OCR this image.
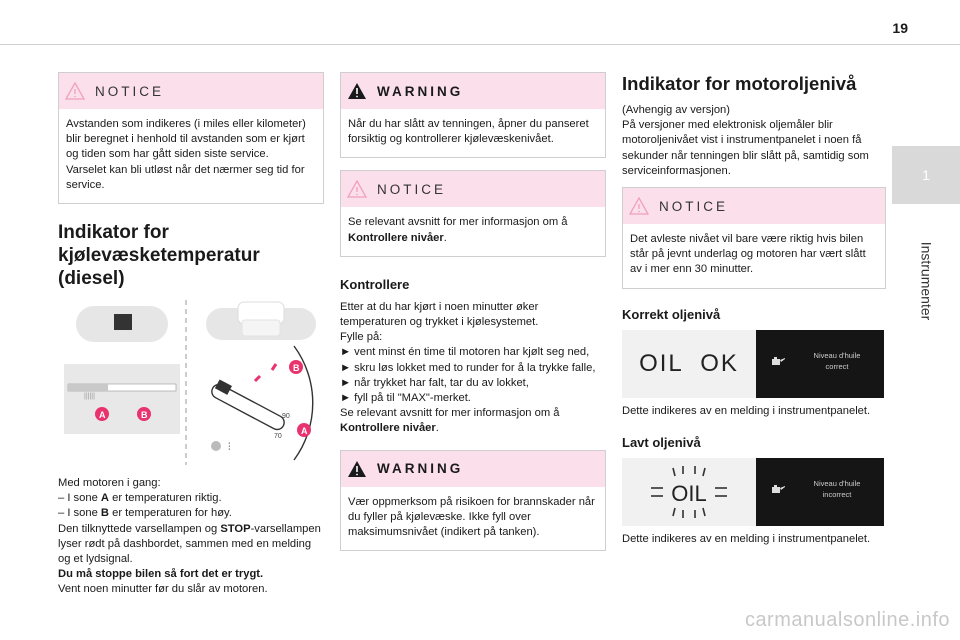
19
1
Instrumenter
NOTICE
Avstanden som indikeres (i miles eller kilometer) blir beregnet i henhold til avstanden som er kjørt og tiden som har gått siden siste service.
Varselet kan bli utløst når det nærmer seg tid for service.
Indikator for
kjølevæsketemperatur
(diesel)
||||||
A	B	90
70
⫶
B
A
Med motoren i gang:
– I sone A er temperaturen riktig.
– I sone B er temperaturen for høy.
Den tilknyttede varsellampen og STOP-varsellampen lyser rødt på dashbordet, sammen med en melding og et lydsignal.
Du må stoppe bilen så fort det er trygt.
Vent noen minutter før du slår av motoren.
WARNING
Når du har slått av tenningen, åpner du panseret forsiktig og kontrollerer kjølevæskenivået.
NOTICE
Se relevant avsnitt for mer informasjon om å Kontrollere nivåer.
Kontrollere
Etter at du har kjørt i noen minutter øker temperaturen og trykket i kjølesystemet.
Fylle på:
► vent minst én time til motoren har kjølt seg ned,
► skru løs lokket med to runder for å la trykke falle,
► når trykket har falt, tar du av lokket,
► fyll på til "MAX"-merket.
Se relevant avsnitt for mer informasjon om å Kontrollere nivåer.
WARNING
Vær oppmerksom på risikoen for brannskader når du fyller på kjølevæske. Ikke fyll over maksimumsnivået (indikert på tanken).
Indikator for motoroljenivå
(Avhengig av versjon)
På versjoner med elektronisk oljemåler blir motoroljenivået vist i instrumentpanelet i noen få sekunder når tenningen blir slått på, samtidig som serviceinformasjonen.
NOTICE
Det avleste nivået vil bare være riktig hvis bilen står på jevnt underlag og motoren har vært slått av i mer enn 30 minutter.
Korrekt oljenivå
OIL  OK	Niveau d'huile
correct
Dette indikeres av en melding i instrumentpanelet.
Lavt oljenivå
OIL	Niveau d'huile
incorrect
Dette indikeres av en melding i instrumentpanelet.
carmanualsonline.info
